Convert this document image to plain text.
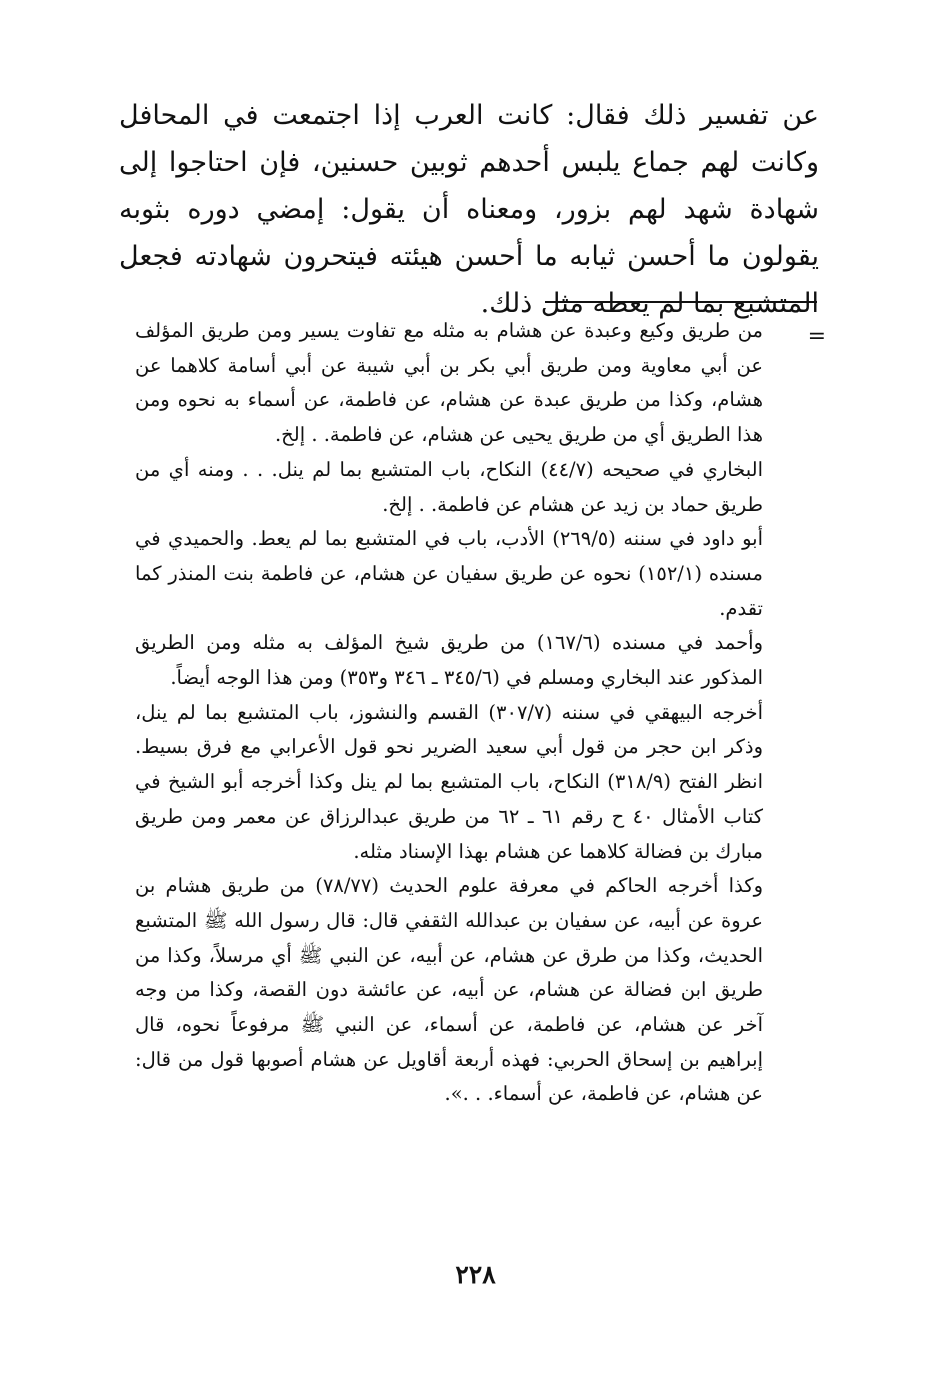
عن تفسير ذلك فقال: كانت العرب إذا اجتمعت في المحافل وكانت لهم جماع يلبس أحدهم ثوبين حسنين، فإن احتاجوا إلى شهادة شهد لهم بزور، ومعناه أن يقول: إمضي دوره بثوبه يقولون ما أحسن ثيابه ما أحسن هيئته فيتحرون شهادته فجعل المتشبع بما لم يعطه مثل ذلك.

=

من طريق وكيع وعبدة عن هشام به مثله مع تفاوت يسير ومن طريق المؤلف عن أبي معاوية ومن طريق أبي بكر بن أبي شيبة عن أبي أسامة كلاهما عن هشام، وكذا من طريق عبدة عن هشام، عن فاطمة، عن أسماء به نحوه ومن هذا الطريق أي من طريق يحيى عن هشام، عن فاطمة. . إلخ.

البخاري في صحيحه (٤٤/٧) النكاح، باب المتشبع بما لم ينل. . . ومنه أي من طريق حماد بن زيد عن هشام عن فاطمة. . إلخ.

أبو داود في سننه (٢٦٩/٥) الأدب، باب في المتشبع بما لم يعط. والحميدي في مسنده (١٥٢/١) نحوه عن طريق سفيان عن هشام، عن فاطمة بنت المنذر كما تقدم.

وأحمد في مسنده (١٦٧/٦) من طريق شيخ المؤلف به مثله ومن الطريق المذكور عند البخاري ومسلم في (٣٤٥/٦ ـ ٣٤٦ و٣٥٣) ومن هذا الوجه أيضاً.

أخرجه البيهقي في سننه (٣٠٧/٧) القسم والنشوز، باب المتشبع بما لم ينل، وذكر ابن حجر من قول أبي سعيد الضرير نحو قول الأعرابي مع فرق بسيط. انظر الفتح (٣١٨/٩) النكاح، باب المتشبع بما لم ينل وكذا أخرجه أبو الشيخ في كتاب الأمثال ٤٠ ح رقم ٦١ ـ ٦٢ من طريق عبدالرزاق عن معمر ومن طريق مبارك بن فضالة كلاهما عن هشام بهذا الإسناد مثله.

وكذا أخرجه الحاكم في معرفة علوم الحديث (٧٨/٧٧) من طريق هشام بن عروة عن أبيه، عن سفيان بن عبدالله الثقفي قال: قال رسول الله ﷺ المتشبع الحديث، وكذا من طرق عن هشام، عن أبيه، عن النبي ﷺ أي مرسلاً، وكذا من طريق ابن فضالة عن هشام، عن أبيه، عن عائشة دون القصة، وكذا من وجه آخر عن هشام، عن فاطمة، عن أسماء، عن النبي ﷺ مرفوعاً نحوه، قال إبراهيم بن إسحاق الحربي: فهذه أربعة أقاويل عن هشام أصوبها قول من قال: عن هشام، عن فاطمة، عن أسماء. . .».

٢٢٨
